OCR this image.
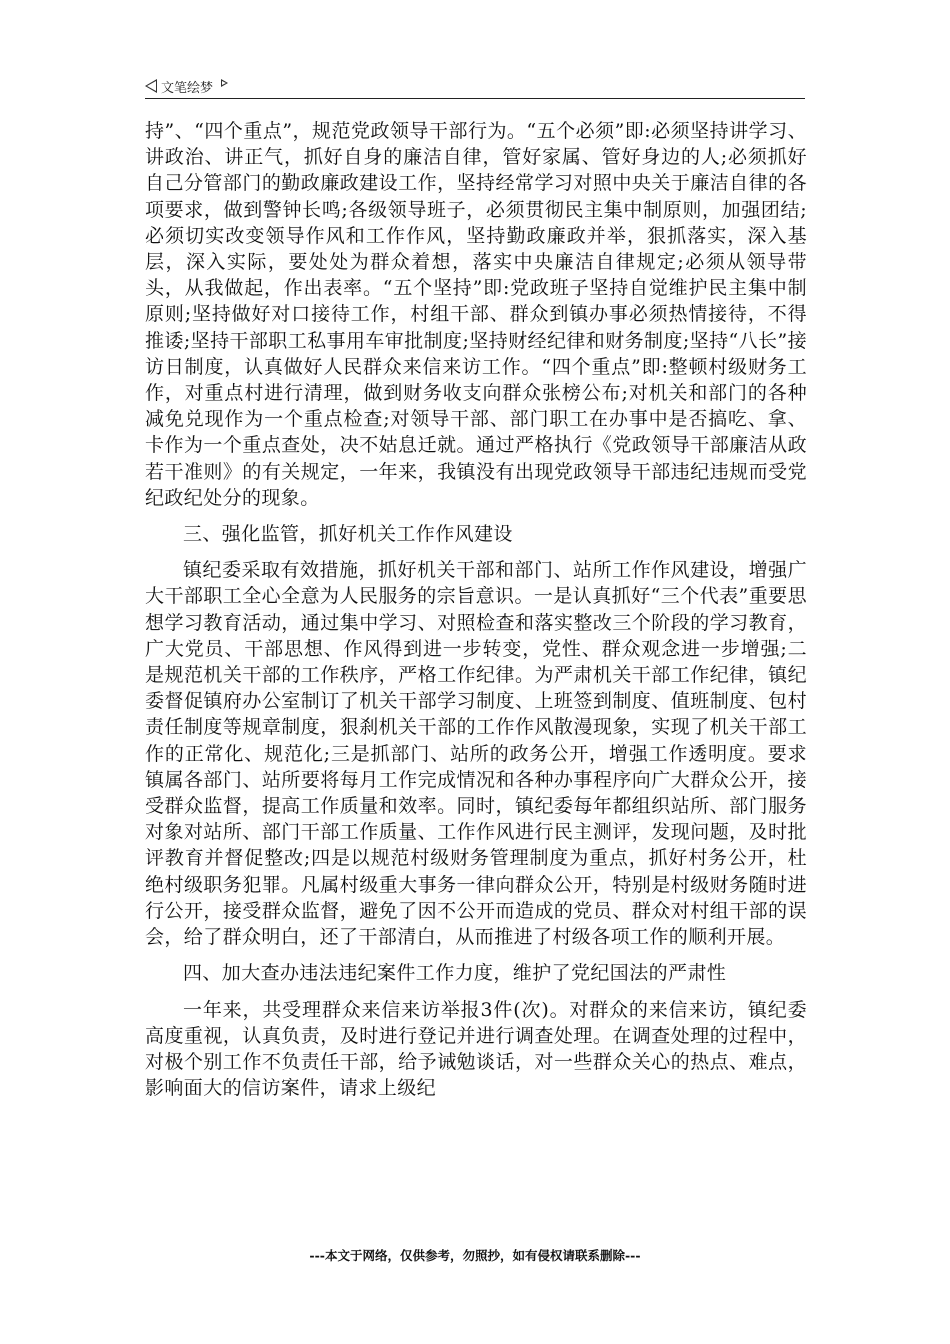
文笔绘梦

持”、“四个重点”，规范党政领导干部行为。“五个必须”即:必须坚持讲学习、讲政治、讲正气，抓好自身的廉洁自律，管好家属、管好身边的人;必须抓好自己分管部门的勤政廉政建设工作，坚持经常学习对照中央关于廉洁自律的各项要求，做到警钟长鸣;各级领导班子，必须贯彻民主集中制原则，加强团结;必须切实改变领导作风和工作作风，坚持勤政廉政并举，狠抓落实，深入基层，深入实际，要处处为群众着想，落实中央廉洁自律规定;必须从领导带头，从我做起，作出表率。“五个坚持”即:党政班子坚持自觉维护民主集中制原则;坚持做好对口接待工作，村组干部、群众到镇办事必须热情接待，不得推诿;坚持干部职工私事用车审批制度;坚持财经纪律和财务制度;坚持“八长”接访日制度，认真做好人民群众来信来访工作。“四个重点”即:整顿村级财务工作，对重点村进行清理，做到财务收支向群众张榜公布;对机关和部门的各种减免兑现作为一个重点检查;对领导干部、部门职工在办事中是否搞吃、拿、卡作为一个重点查处，决不姑息迁就。通过严格执行《党政领导干部廉洁从政若干准则》的有关规定，一年来，我镇没有出现党政领导干部违纪违规而受党纪政纪处分的现象。

三、强化监管，抓好机关工作作风建设

镇纪委采取有效措施，抓好机关干部和部门、站所工作作风建设，增强广大干部职工全心全意为人民服务的宗旨意识。一是认真抓好“三个代表”重要思想学习教育活动，通过集中学习、对照检查和落实整改三个阶段的学习教育，广大党员、干部思想、作风得到进一步转变，党性、群众观念进一步增强;二是规范机关干部的工作秩序，严格工作纪律。为严肃机关干部工作纪律，镇纪委督促镇府办公室制订了机关干部学习制度、上班签到制度、值班制度、包村责任制度等规章制度，狠刹机关干部的工作作风散漫现象，实现了机关干部工作的正常化、规范化;三是抓部门、站所的政务公开，增强工作透明度。要求镇属各部门、站所要将每月工作完成情况和各种办事程序向广大群众公开，接受群众监督，提高工作质量和效率。同时，镇纪委每年都组织站所、部门服务对象对站所、部门干部工作质量、工作作风进行民主测评，发现问题，及时批评教育并督促整改;四是以规范村级财务管理制度为重点，抓好村务公开，杜绝村级职务犯罪。凡属村级重大事务一律向群众公开，特别是村级财务随时进行公开，接受群众监督，避免了因不公开而造成的党员、群众对村组干部的误会，给了群众明白，还了干部清白，从而推进了村级各项工作的顺利开展。

四、加大查办违法违纪案件工作力度，维护了党纪国法的严肃性

一年来，共受理群众来信来访举报3件(次)。对群众的来信来访，镇纪委高度重视，认真负责，及时进行登记并进行调查处理。在调查处理的过程中，对极个别工作不负责任干部，给予诫勉谈话，对一些群众关心的热点、难点，影响面大的信访案件，请求上级纪

---本文于网络，仅供参考，勿照抄，如有侵权请联系删除---
